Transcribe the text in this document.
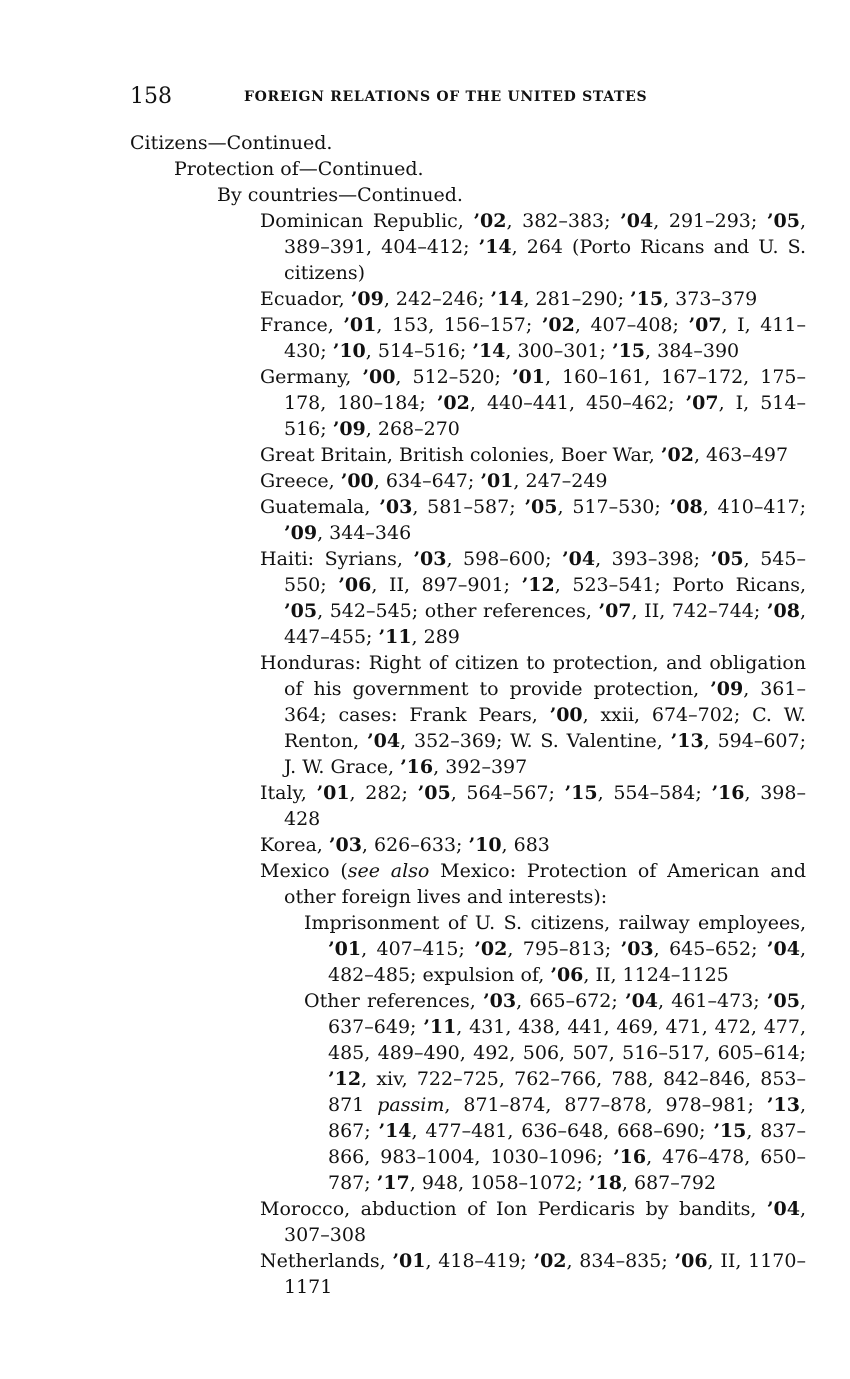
158	FOREIGN RELATIONS OF THE UNITED STATES
Citizens—Continued.
Protection of—Continued.
By countries—Continued.
Dominican Republic, ’02, 382–383; ’04, 291–293; ’05, 389–391, 404–412; ’14, 264 (Porto Ricans and U. S. citizens)
Ecuador, ’09, 242–246; ’14, 281–290; ’15, 373–379
France, ’01, 153, 156–157; ’02, 407–408; ’07, I, 411–430; ’10, 514–516; ’14, 300–301; ’15, 384–390
Germany, ’00, 512–520; ’01, 160–161, 167–172, 175–178, 180–184; ’02, 440–441, 450–462; ’07, I, 514–516; ’09, 268–270
Great Britain, British colonies, Boer War, ’02, 463–497
Greece, ’00, 634–647; ’01, 247–249
Guatemala, ’03, 581–587; ’05, 517–530; ’08, 410–417; ’09, 344–346
Haiti: Syrians, ’03, 598–600; ’04, 393–398; ’05, 545–550; ’06, II, 897–901; ’12, 523–541; Porto Ricans, ’05, 542–545; other references, ’07, II, 742–744; ’08, 447–455; ’11, 289
Honduras: Right of citizen to protection, and obligation of his government to provide protection, ’09, 361–364; cases: Frank Pears, ’00, xxii, 674–702; C. W. Renton, ’04, 352–369; W. S. Valentine, ’13, 594–607; J. W. Grace, ’16, 392–397
Italy, ’01, 282; ’05, 564–567; ’15, 554–584; ’16, 398–428
Korea, ’03, 626–633; ’10, 683
Mexico (see also Mexico: Protection of American and other foreign lives and interests):
Imprisonment of U. S. citizens, railway employees, ’01, 407–415; ’02, 795–813; ’03, 645–652; ’04, 482–485; expulsion of, ’06, II, 1124–1125
Other references, ’03, 665–672; ’04, 461–473; ’05, 637–649; ’11, 431, 438, 441, 469, 471, 472, 477, 485, 489–490, 492, 506, 507, 516–517, 605–614; ’12, xiv, 722–725, 762–766, 788, 842–846, 853–871 passim, 871–874, 877–878, 978–981; ’13, 867; ’14, 477–481, 636–648, 668–690; ’15, 837–866, 983–1004, 1030–1096; ’16, 476–478, 650–787; ’17, 948, 1058–1072; ’18, 687–792
Morocco, abduction of Ion Perdicaris by bandits, ’04, 307–308
Netherlands, ’01, 418–419; ’02, 834–835; ’06, II, 1170–1171
